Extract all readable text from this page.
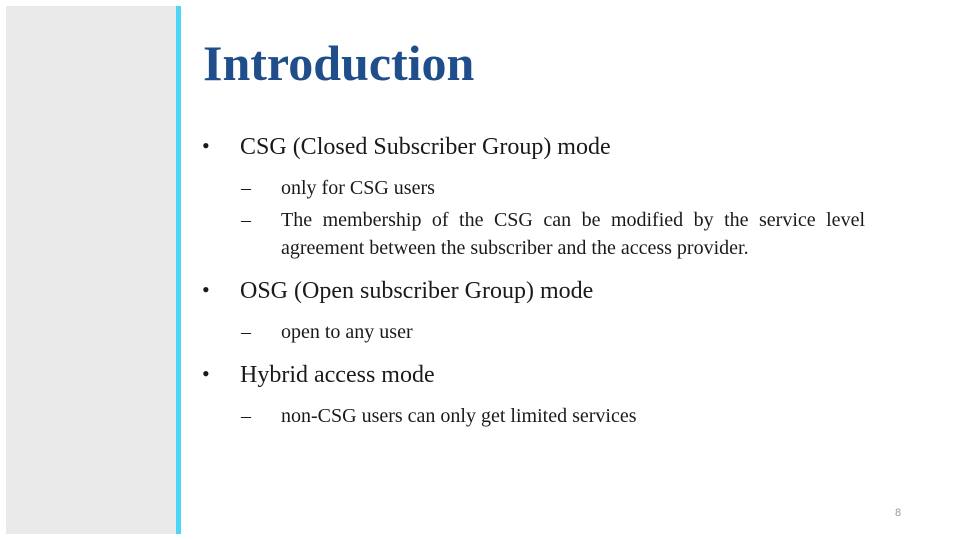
Introduction
• CSG (Closed Subscriber Group) mode
– only for CSG users
– The membership of the CSG can be modified by the service level agreement between the subscriber and the access provider.
• OSG (Open subscriber Group) mode
– open to any user
• Hybrid access mode
– non-CSG users can only get limited services
8
